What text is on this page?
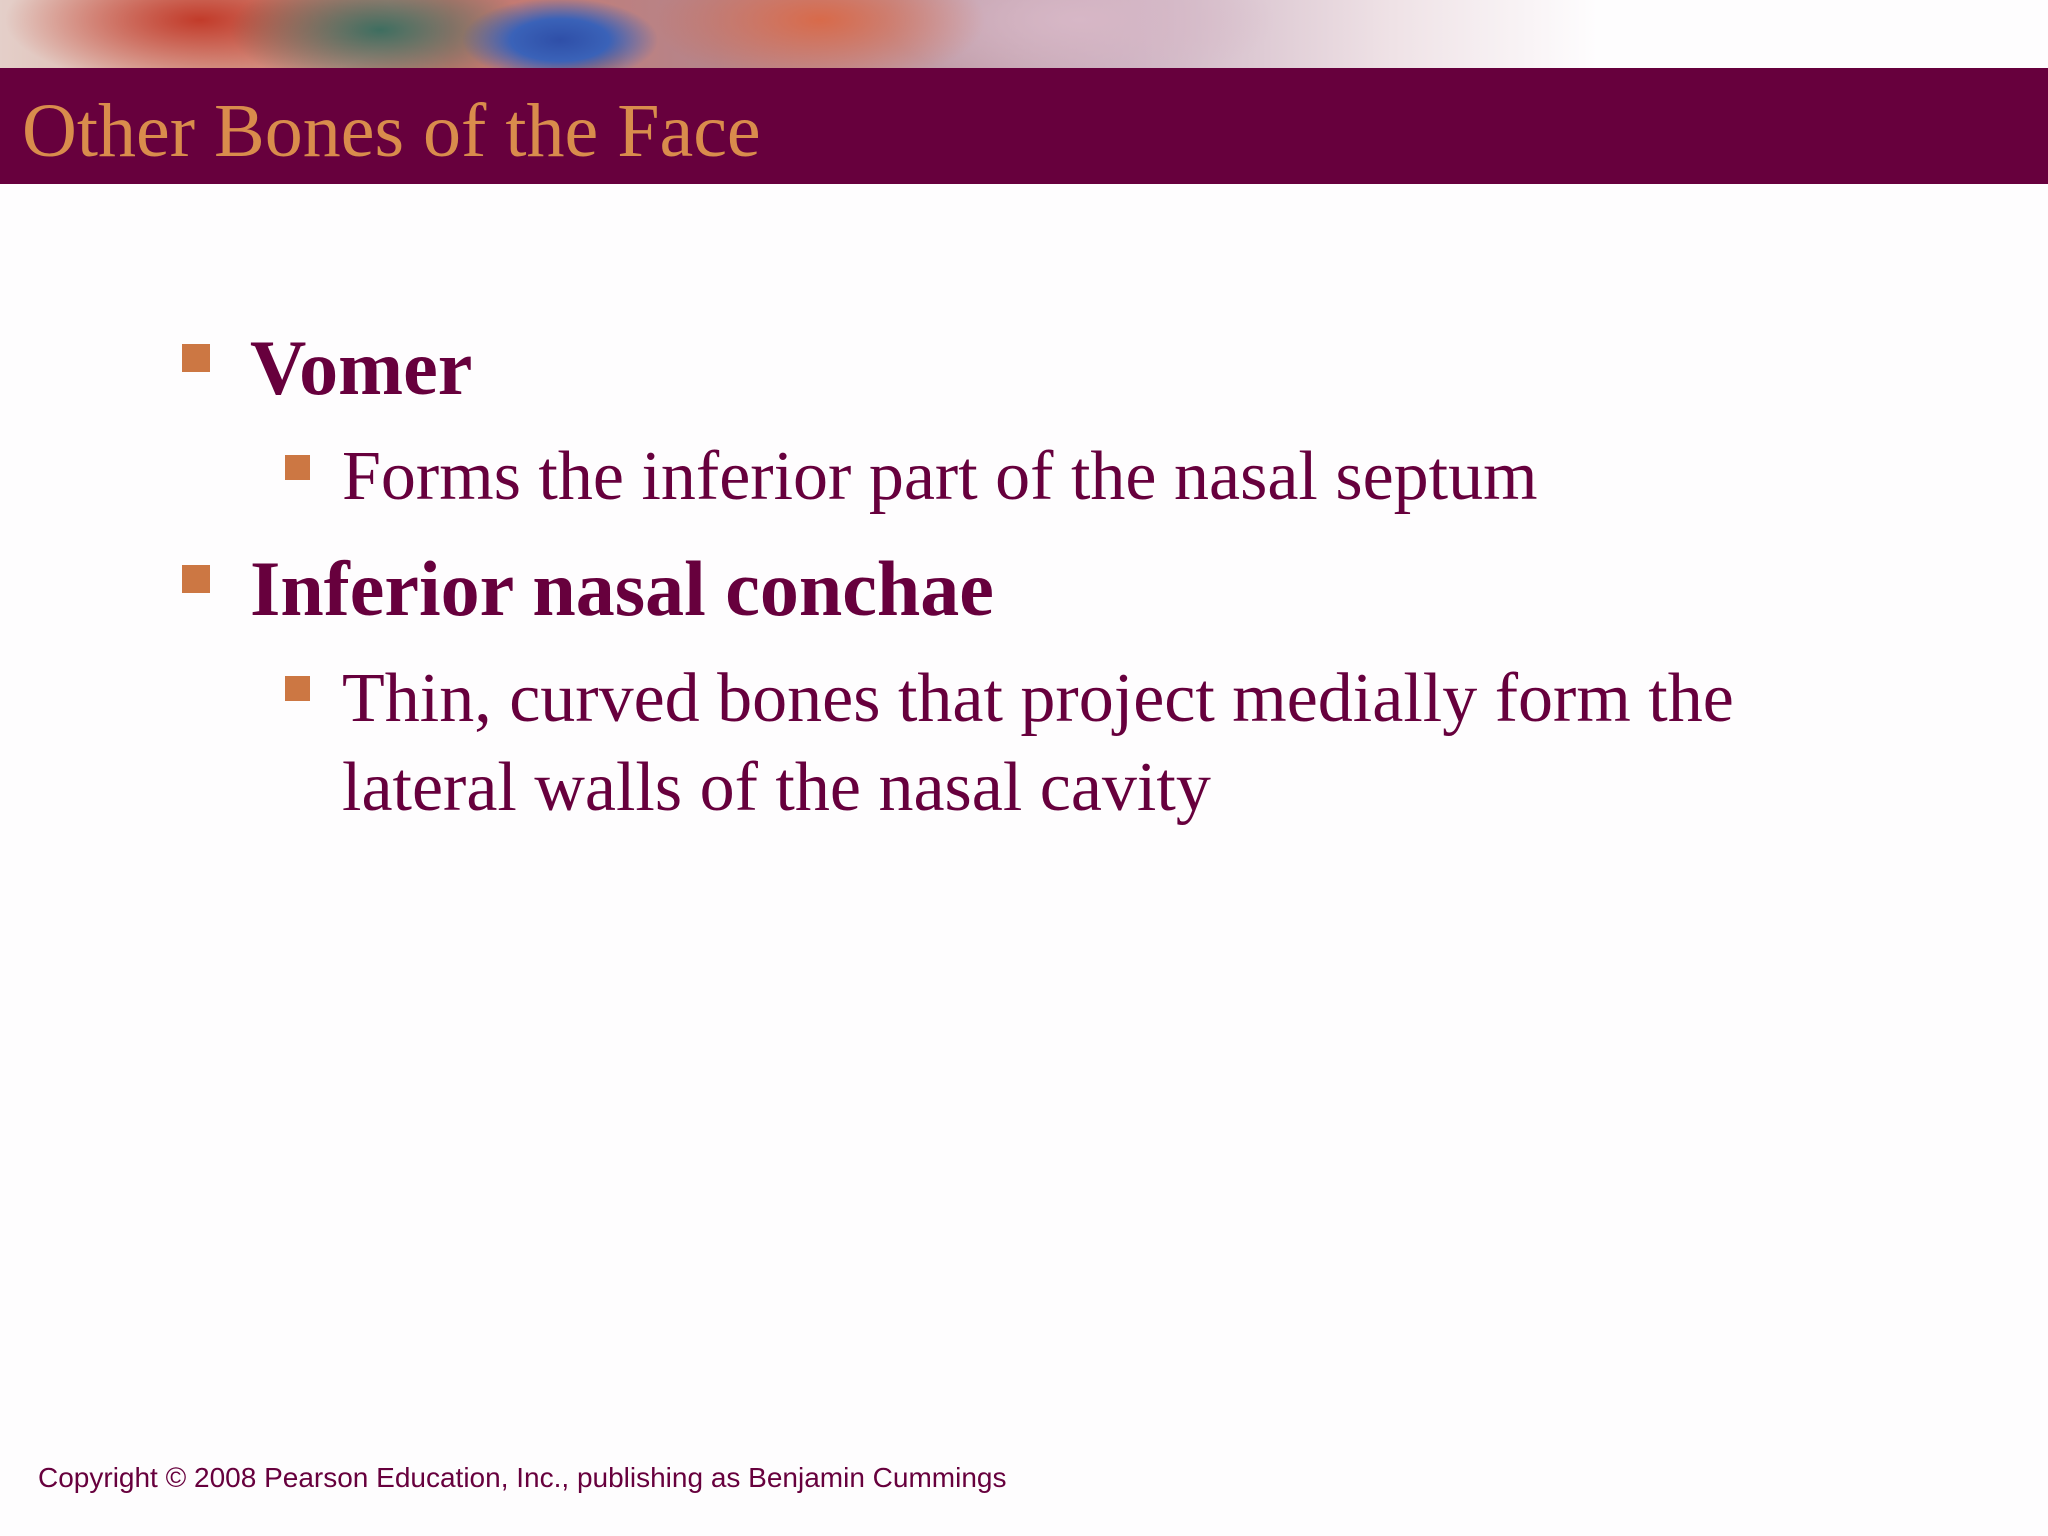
Other Bones of the Face
Vomer
Forms the inferior part of the nasal septum
Inferior nasal conchae
Thin, curved bones that project medially form the
lateral walls of the nasal cavity
Copyright © 2008 Pearson Education, Inc., publishing as Benjamin Cummings
